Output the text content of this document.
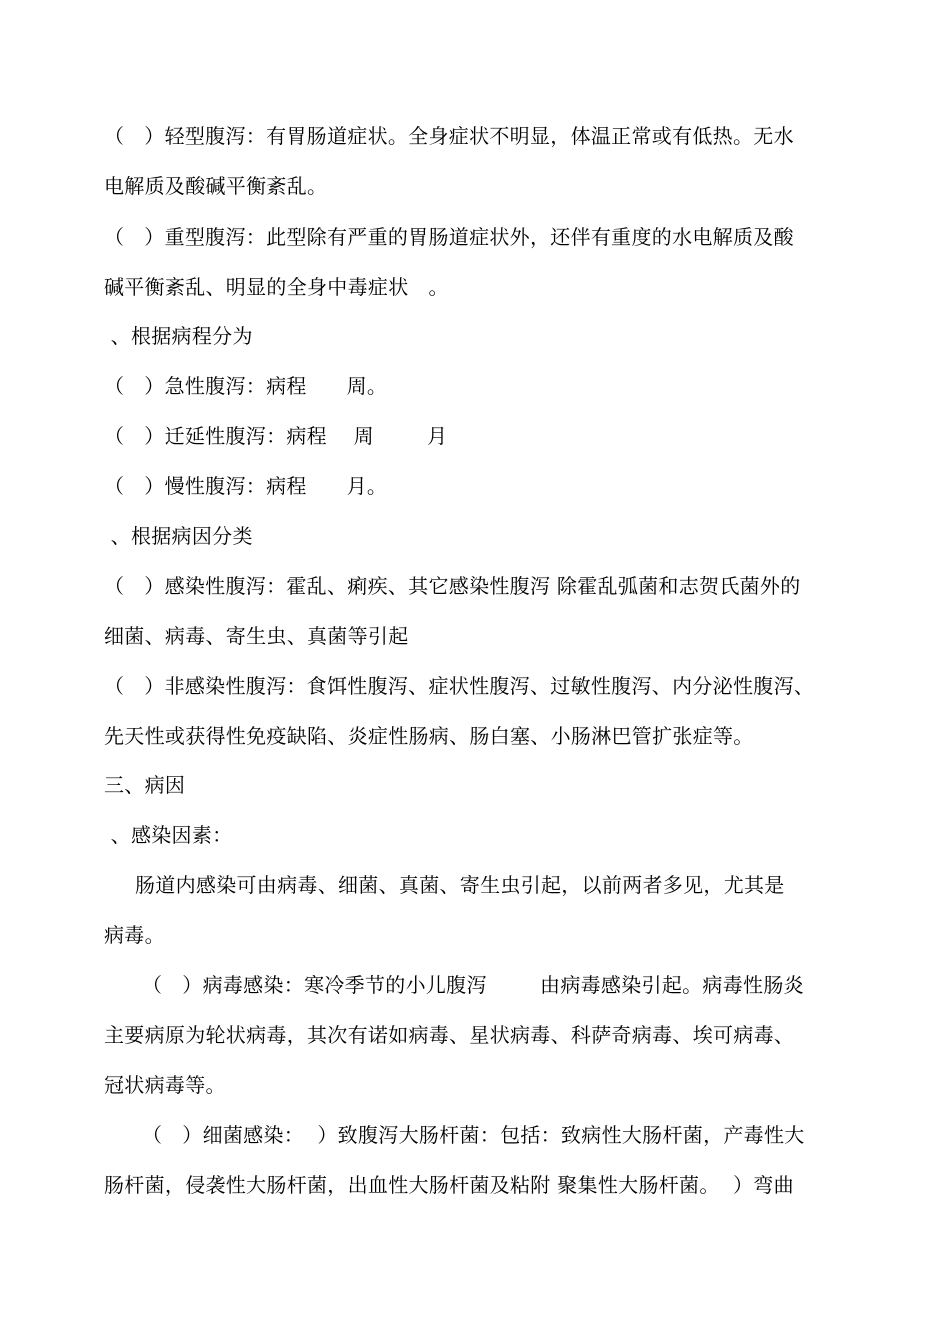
（   ）轻型腹泻：有胃肠道症状。全身症状不明显，体温正常或有低热。无水
电解质及酸碱平衡紊乱。
（   ）重型腹泻：此型除有严重的胃肠道症状外，还伴有重度的水电解质及酸
碱平衡紊乱、明显的全身中毒症状   。
、根据病程分为
（   ）急性腹泻：病程      周。
（   ）迁延性腹泻：病程    周        月
（   ）慢性腹泻：病程      月。
、根据病因分类
（   ）感染性腹泻：霍乱、痢疾、其它感染性腹泻 除霍乱弧菌和志贺氏菌外的
细菌、病毒、寄生虫、真菌等引起
（   ）非感染性腹泻：食饵性腹泻、症状性腹泻、过敏性腹泻、内分泌性腹泻、
先天性或获得性免疫缺陷、炎症性肠病、肠白塞、小肠淋巴管扩张症等。
三、病因
、感染因素：
肠道内感染可由病毒、细菌、真菌、寄生虫引起，以前两者多见，尤其是
病毒。
（   ）病毒感染：寒冷季节的小儿腹泻        由病毒感染引起。病毒性肠炎
主要病原为轮状病毒，其次有诺如病毒、星状病毒、科萨奇病毒、埃可病毒、
冠状病毒等。
（   ）细菌感染：  ）致腹泻大肠杆菌：包括：致病性大肠杆菌，产毒性大
肠杆菌，侵袭性大肠杆菌，出血性大肠杆菌及粘附 聚集性大肠杆菌。  ）弯曲
